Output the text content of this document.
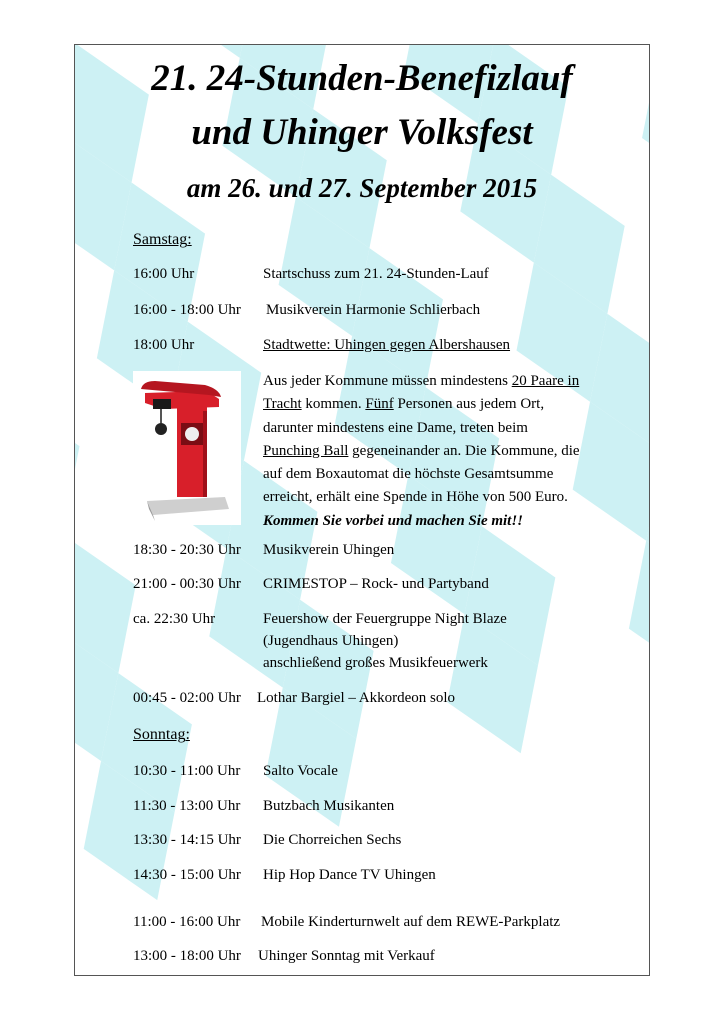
21. 24-Stunden-Benefizlauf
und Uhinger Volksfest
am 26. und 27. September 2015
Samstag:
16:00 Uhr	Startschuss zum 21. 24-Stunden-Lauf
16:00 - 18:00 Uhr Musikverein Harmonie Schlierbach
18:00 Uhr	Stadtwette: Uhingen gegen Albershausen
Aus jeder Kommune müssen mindestens 20 Paare in
Tracht kommen. Fünf Personen aus jedem Ort,
darunter mindestens eine Dame, treten beim
Punching Ball gegeneinander an. Die Kommune, die
auf dem Boxautomat die höchste Gesamtsumme
erreicht, erhält eine Spende in Höhe von 500 Euro.
Kommen Sie vorbei und machen Sie mit!!
18:30 - 20:30 Uhr Musikverein Uhingen
21:00 - 00:30 Uhr CRIMESTOP – Rock- und Partyband
ca. 22:30 Uhr	Feuershow der Feuergruppe Night Blaze
(Jugendhaus Uhingen)
anschließend großes Musikfeuerwerk
00:45 - 02:00 Uhr Lothar Bargiel – Akkordeon solo
Sonntag:
10:30 - 11:00 Uhr Salto Vocale
11:30 - 13:00 Uhr Butzbach Musikanten
13:30 - 14:15 Uhr Die Chorreichen Sechs
14:30 - 15:00 Uhr Hip Hop Dance TV Uhingen
11:00 - 16:00 Uhr Mobile Kinderturnwelt auf dem REWE-Parkplatz
13:00 - 18:00 Uhr Uhinger Sonntag mit Verkauf
